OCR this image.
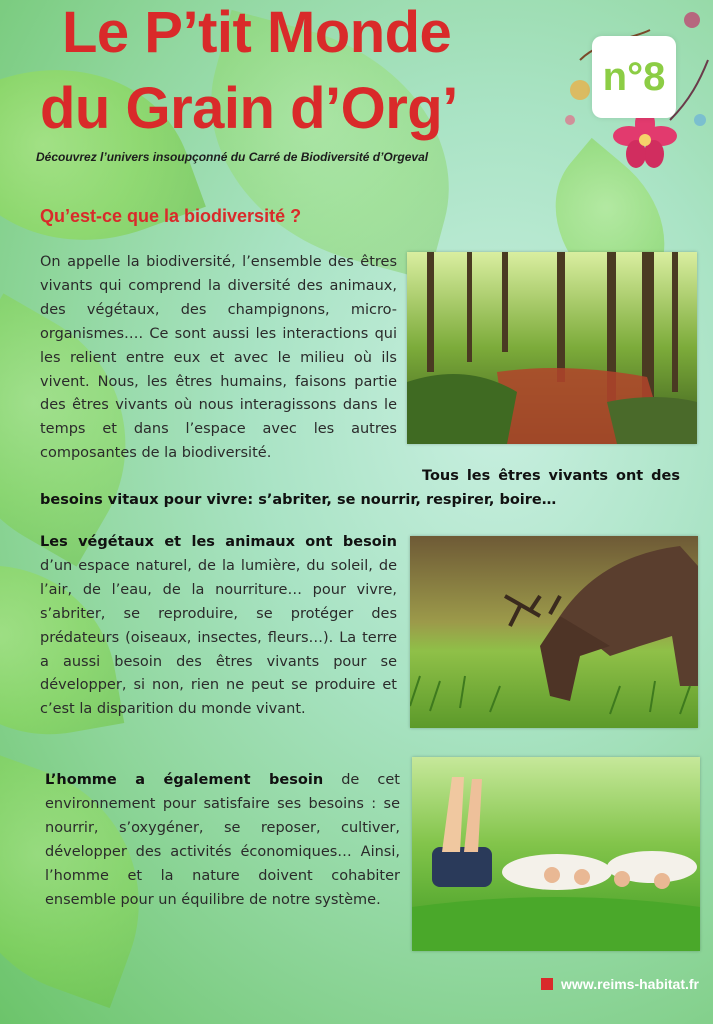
Le P’tit Monde
du Grain d’Org’

Découvrez l’univers insoupçonné du Carré de Biodiversité d’Orgeval

n°8
Qu’est-ce que la biodiversité ?

On appelle la biodiversité, l’ensemble des êtres vivants qui comprend la diversité des animaux, des végétaux, des champignons, micro-organismes…. Ce sont aussi les interactions qui les relient entre eux et avec le milieu où ils vivent. Nous, les êtres humains, faisons partie des êtres vivants où nous interagissons dans le temps et dans l’espace avec les autres composantes de la biodiversité.

Tous les êtres vivants ont des besoins vitaux pour vivre: s’abriter, se nourrir, respirer, boire…

Les végétaux et les animaux ont besoin d’un espace naturel, de la lumière, du soleil, de l’air, de l’eau, de la nourriture… pour vivre, s’abriter, se reproduire, se protéger des prédateurs (oiseaux, insectes, fleurs…). La terre a aussi besoin des êtres vivants pour se développer, si non, rien ne peut se produire et c’est la disparition du monde vivant.

L’homme a également besoin de cet environnement pour satisfaire ses besoins : se nourrir, s’oxygéner, se reposer, cultiver, développer des activités économiques… Ainsi, l’homme et la nature doivent cohabiter ensemble pour un équilibre de notre système.

www.reims-habitat.fr
